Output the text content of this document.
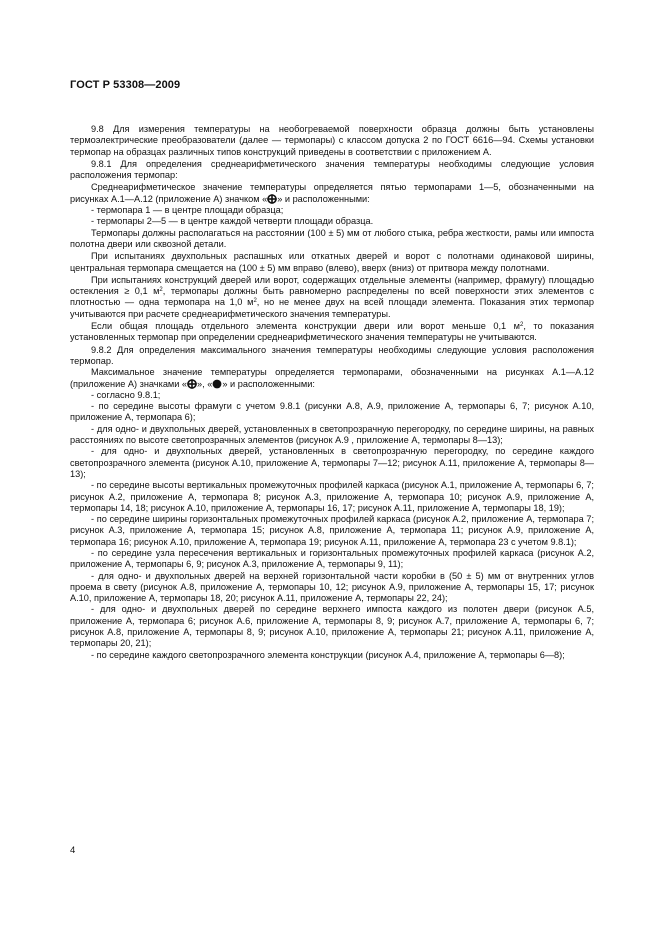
ГОСТ Р 53308—2009

9.8 Для измерения температуры на необогреваемой поверхности образца должны быть установлены термоэлектрические преобразователи (далее — термопары) с классом допуска 2 по ГОСТ 6616—94. Схемы установки термопар на образцах различных типов конструкций приведены в соответствии с приложением А.

9.8.1 Для определения среднеарифметического значения температуры необходимы следующие условия расположения термопар:

Среднеарифметическое значение температуры определяется пятью термопарами 1—5, обозначенными на рисунках А.1—А.12 (приложение А) значком « » и расположенными:

- термопара 1 — в центре площади образца;

- термопары 2—5 — в центре каждой четверти площади образца.

Термопары должны располагаться на расстоянии (100 ± 5) мм от любого стыка, ребра жесткости, рамы или импоста полотна двери или сквозной детали.

При испытаниях двухпольных распашных или откатных дверей и ворот с полотнами одинаковой ширины, центральная термопара смещается на (100 ± 5) мм вправо (влево), вверх (вниз) от притвора между полотнами.

При испытаниях конструкций дверей или ворот, содержащих отдельные элементы (например, фрамугу) площадью остекления ≥ 0,1 $м^2$, термопары должны быть равномерно распределены по всей поверхности этих элементов с плотностью — одна термопара на 1,0 $м^2$, но не менее двух на всей площади элемента. Показания этих термопар учитываются при расчете среднеарифметического значения температуры.

Если общая площадь отдельного элемента конструкции двери или ворот меньше 0,1 $м^2$, то показания установленных термопар при определении среднеарифметического значения температуры не учитываются.

9.8.2 Для определения максимального значения температуры необходимы следующие условия расположения термопар.

Максимальное значение температуры определяется термопарами, обозначенными на рисунках А.1—А.12 (приложение А) значками « », « » и расположенными:

- согласно 9.8.1;

- по середине высоты фрамуги с учетом 9.8.1 (рисунки А.8, А.9, приложение А, термопары 6, 7; рисунок А.10, приложение А, термопара 6);

- для одно- и двухпольных дверей, установленных в светопрозрачную перегородку, по середине ширины, на равных расстояниях по высоте светопрозрачных элементов (рисунок А.9 , приложение А, термопары 8—13);

- для одно- и двухпольных дверей, установленных в светопрозрачную перегородку, по середине каждого светопрозрачного элемента (рисунок А.10, приложение А, термопары 7—12; рисунок А.11, приложение А, термопары 8—13);

- по середине высоты вертикальных промежуточных профилей каркаса (рисунок А.1, приложение А, термопары 6, 7; рисунок А.2, приложение А, термопара 8; рисунок А.3, приложение А, термопара 10; рисунок А.9, приложение А, термопары 14, 18; рисунок А.10, приложение А, термопары 16, 17; рисунок А.11, приложение А, термопары 18, 19);

- по середине ширины горизонтальных промежуточных профилей каркаса (рисунок А.2, приложение А, термопара 7; рисунок А.3, приложение А, термопара 15; рисунок А.8, приложение А, термопара 11; рисунок А.9, приложение А, термопара 16; рисунок А.10, приложение А, термопара 19; рисунок А.11, приложение А, термопара 23 с учетом 9.8.1);

- по середине узла пересечения вертикальных и горизонтальных промежуточных профилей каркаса (рисунок А.2, приложение А, термопары 6, 9; рисунок А.3, приложение А, термопары 9, 11);

- для одно- и двухпольных дверей на верхней горизонтальной части коробки в (50 ± 5) мм от внутренних углов проема в свету (рисунок А.8, приложение А, термопары 10, 12; рисунок А.9, приложение А, термопары 15, 17; рисунок А.10, приложение А, термопары 18, 20; рисунок А.11, приложение А, термопары 22, 24);

- для одно- и двухпольных дверей по середине верхнего импоста каждого из полотен двери (рисунок А.5, приложение А, термопара 6; рисунок А.6, приложение А, термопары 8, 9; рисунок А.7, приложение А, термопары 6, 7; рисунок А.8, приложение А, термопары 8, 9; рисунок А.10, приложение А, термопары 21; рисунок А.11, приложение А, термопары 20, 21);

- по середине каждого светопрозрачного элемента конструкции (рисунок А.4, приложение А, термопары 6—8);

4
